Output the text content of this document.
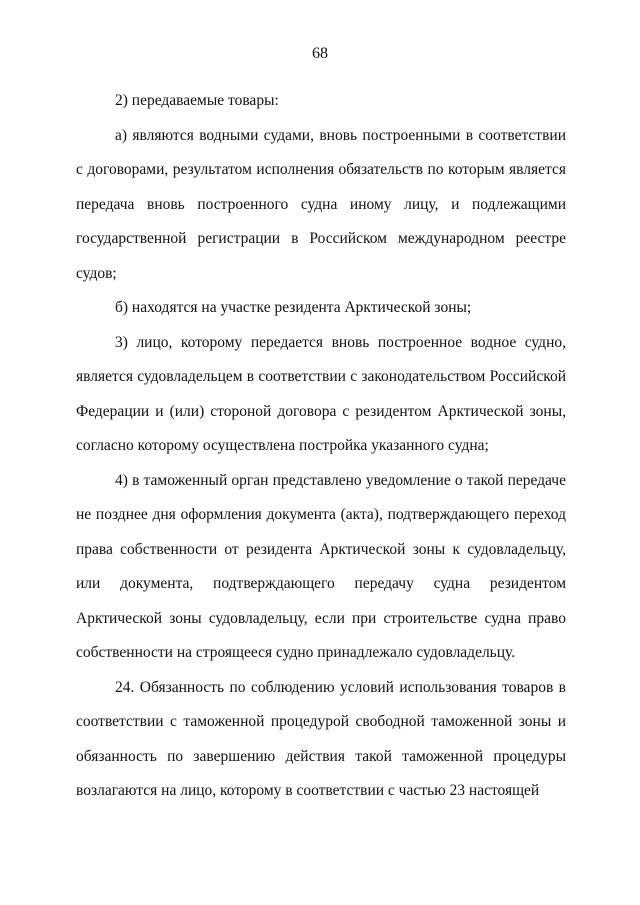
68

2) передаваемые товары:

а) являются водными судами, вновь построенными в соответствии с договорами, результатом исполнения обязательств по которым является передача вновь построенного судна иному лицу, и подлежащими государственной регистрации в Российском международном реестре судов;

б) находятся на участке резидента Арктической зоны;

3) лицо, которому передается вновь построенное водное судно, является судовладельцем в соответствии с законодательством Российской Федерации и (или) стороной договора с резидентом Арктической зоны, согласно которому осуществлена постройка указанного судна;

4) в таможенный орган представлено уведомление о такой передаче не позднее дня оформления документа (акта), подтверждающего переход права собственности от резидента Арктической зоны к судовладельцу, или документа, подтверждающего передачу судна резидентом Арктической зоны судовладельцу, если при строительстве судна право собственности на строящееся судно принадлежало судовладельцу.

24. Обязанность по соблюдению условий использования товаров в соответствии с таможенной процедурой свободной таможенной зоны и обязанность по завершению действия такой таможенной процедуры возлагаются на лицо, которому в соответствии с частью 23 настоящей
